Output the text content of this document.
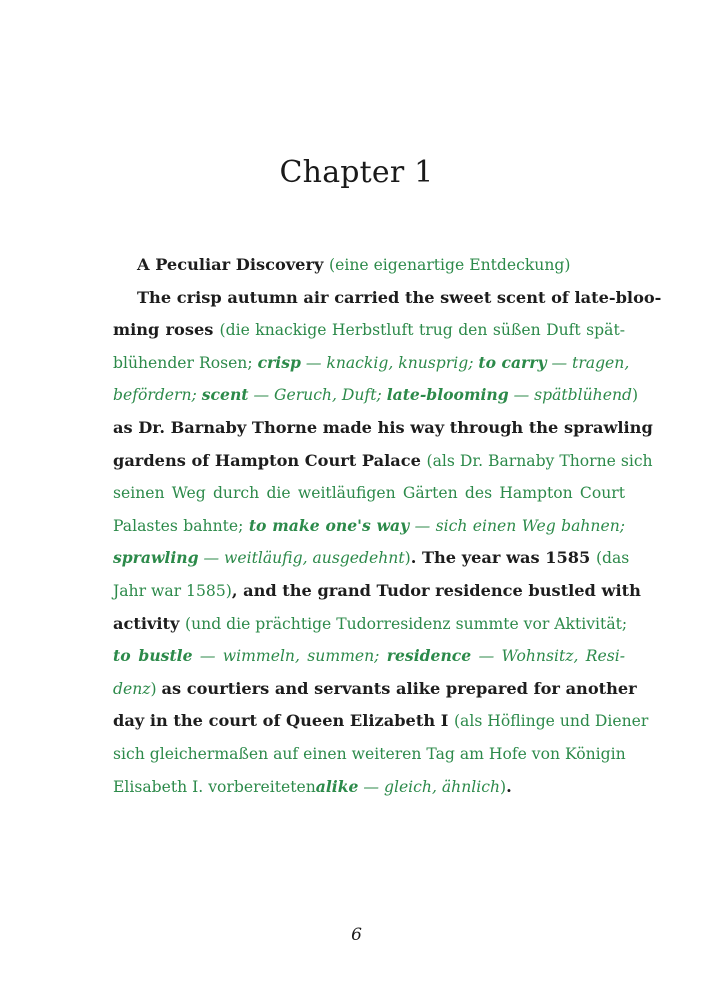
Chapter 1
A Peculiar Discovery (eine eigenartige Entdeckung)
The crisp autumn air carried the sweet scent of late-bloo-
ming roses (die knackige Herbstluft trug den süßen Duft spät-
blühender Rosen; crisp — knackig, knusprig; to carry — tragen,
befördern; scent — Geruch, Duft; late-blooming — spätblühend)
as Dr. Barnaby Thorne made his way through the sprawling
gardens of Hampton Court Palace (als Dr. Barnaby Thorne sich
seinen Weg durch die weitläufigen Gärten des Hampton Court
Palastes bahnte; to make one's way — sich einen Weg bahnen;
sprawling — weitläufig, ausgedehnt). The year was 1585 (das
Jahr war 1585), and the grand Tudor residence bustled with
activity (und die prächtige Tudorresidenz summte vor Aktivität;
to bustle — wimmeln, summen; residence — Wohnsitz, Resi-
denz) as courtiers and servants alike prepared for another
day in the court of Queen Elizabeth I (als Höflinge und Diener
sich gleichermaßen auf einen weiteren Tag am Hofe von Königin
Elisabeth I. vorbereitetenalike — gleich, ähnlich).
6
